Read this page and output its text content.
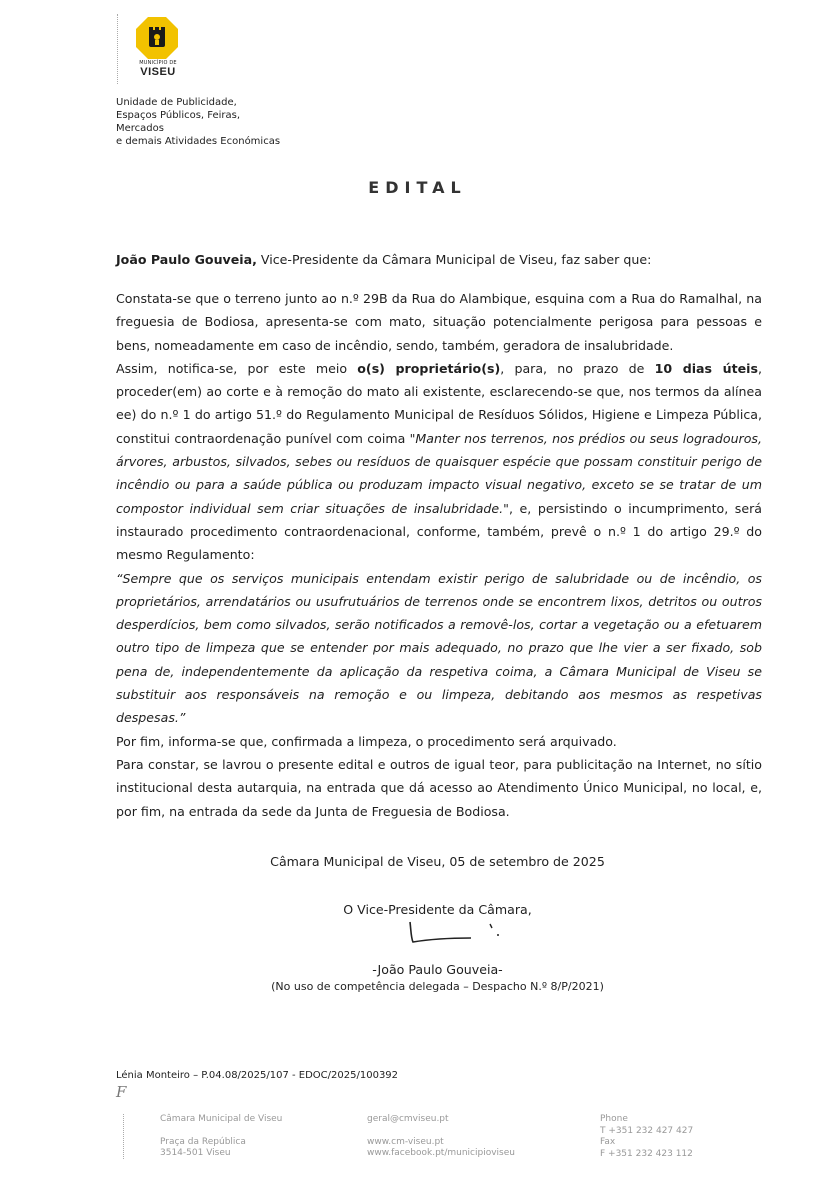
MUNICÍPIO DE
VISEU
Unidade de Publicidade,
Espaços Públicos, Feiras,
Mercados
e demais Atividades Económicas
EDITAL
João Paulo Gouveia, Vice-Presidente da Câmara Municipal de Viseu, faz saber que:

Constata-se que o terreno junto ao n.º 29B da Rua do Alambique, esquina com a Rua do Ramalhal, na freguesia de Bodiosa, apresenta-se com mato, situação potencialmente perigosa para pessoas e bens, nomeadamente em caso de incêndio, sendo, também, geradora de insalubridade.

Assim, notifica-se, por este meio o(s) proprietário(s), para, no prazo de 10 dias úteis, proceder(em) ao corte e à remoção do mato ali existente, esclarecendo-se que, nos termos da alínea ee) do n.º 1 do artigo 51.º do Regulamento Municipal de Resíduos Sólidos, Higiene e Limpeza Pública, constitui contraordenação punível com coima "Manter nos terrenos, nos prédios ou seus logradouros, árvores, arbustos, silvados, sebes ou resíduos de quaisquer espécie que possam constituir perigo de incêndio ou para a saúde pública ou produzam impacto visual negativo, exceto se se tratar de um compostor individual sem criar situações de insalubridade.", e, persistindo o incumprimento, será instaurado procedimento contraordenacional, conforme, também, prevê o n.º 1 do artigo 29.º do mesmo Regulamento:

“Sempre que os serviços municipais entendam existir perigo de salubridade ou de incêndio, os proprietários, arrendatários ou usufrutuários de terrenos onde se encontrem lixos, detritos ou outros desperdícios, bem como silvados, serão notificados a removê-los, cortar a vegetação ou a efetuarem outro tipo de limpeza que se entender por mais adequado, no prazo que lhe vier a ser fixado, sob pena de, independentemente da aplicação da respetiva coima, a Câmara Municipal de Viseu se substituir aos responsáveis na remoção e ou limpeza, debitando aos mesmos as respetivas despesas.”

Por fim, informa-se que, confirmada a limpeza, o procedimento será arquivado.

Para constar, se lavrou o presente edital e outros de igual teor, para publicitação na Internet, no sítio institucional desta autarquia, na entrada que dá acesso ao Atendimento Único Municipal, no local, e, por fim, na entrada da sede da Junta de Freguesia de Bodiosa.

Câmara Municipal de Viseu, 05 de setembro de 2025
O Vice-Presidente da Câmara,
-João Paulo Gouveia-
(No uso de competência delegada – Despacho N.º 8/P/2021)
Lénia Monteiro – P.04.08/2025/107 - EDOC/2025/100392
F
Câmara Municipal de Viseu
Praça da República
3514-501 Viseu
geral@cmviseu.pt
www.cm-viseu.pt
www.facebook.pt/municipioviseu
Phone
T +351 232 427 427
Fax
F +351 232 423 112
